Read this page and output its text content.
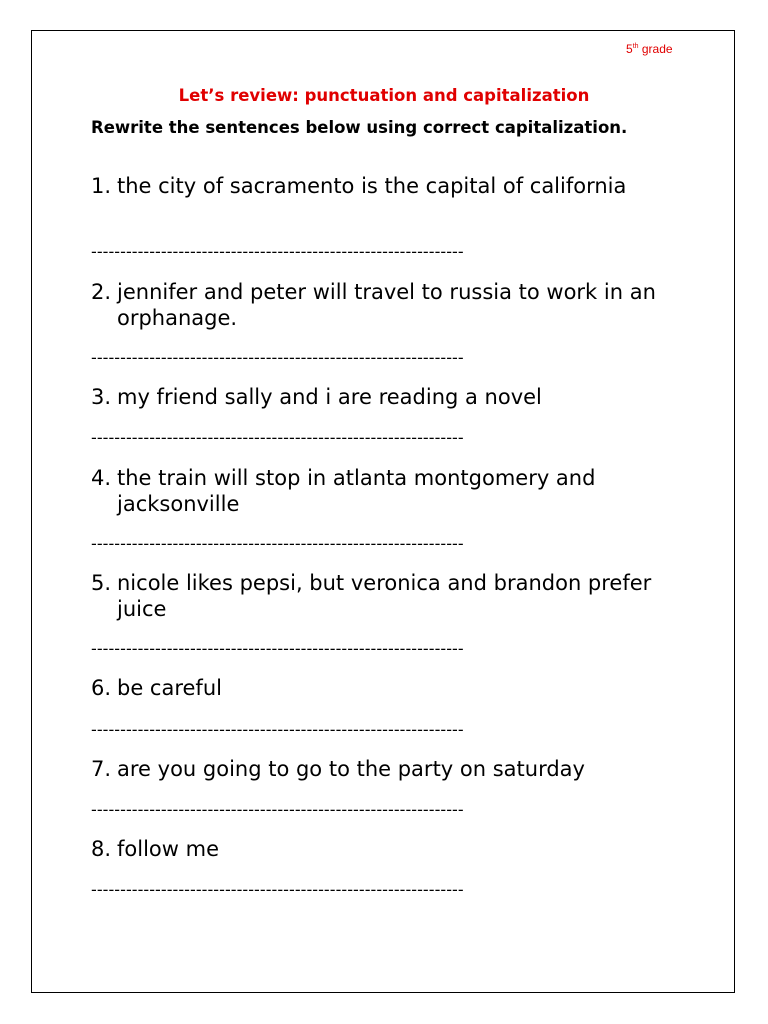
5th grade
Let’s review: punctuation and capitalization
Rewrite the sentences below using correct capitalization.
1. the city of sacramento is the capital of california
----------------------------------------------------------------
2. jennifer and peter will travel to russia to work in an orphanage.
----------------------------------------------------------------
3. my friend sally and i are reading a novel
----------------------------------------------------------------
4. the train will stop in atlanta montgomery and jacksonville
----------------------------------------------------------------
5. nicole likes pepsi, but veronica and brandon prefer juice
----------------------------------------------------------------
6. be careful
----------------------------------------------------------------
7. are you going to go to the party on saturday
----------------------------------------------------------------
8. follow me
----------------------------------------------------------------
